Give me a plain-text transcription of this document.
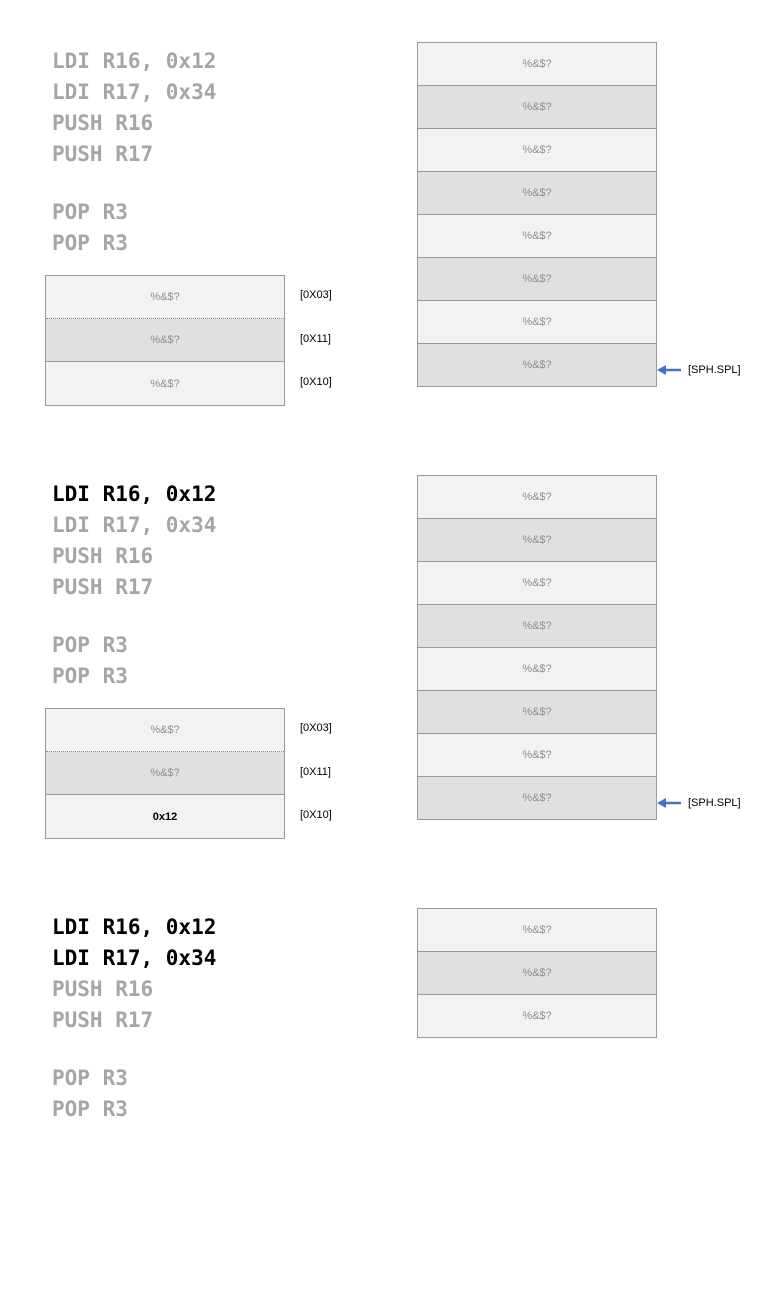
LDI R16, 0x12
LDI R17, 0x34
PUSH R16
PUSH R17
POP R3
POP R3
%&$?
%&$?
%&$?
[0X03]
[0X11]
[0X10]
%&$?
%&$?
%&$?
%&$?
%&$?
%&$?
%&$?
%&$?	[SPH.SPL]
LDI R16, 0x12
LDI R17, 0x34
PUSH R16
PUSH R17
POP R3
POP R3
%&$?
%&$?
0x12
[0X03]
[0X11]
[0X10]
%&$?
%&$?
%&$?
%&$?
%&$?
%&$?
%&$?
%&$?	[SPH.SPL]
LDI R16, 0x12
LDI R17, 0x34
PUSH R16
PUSH R17
POP R3
POP R3
%&$?
%&$?
%&$?
